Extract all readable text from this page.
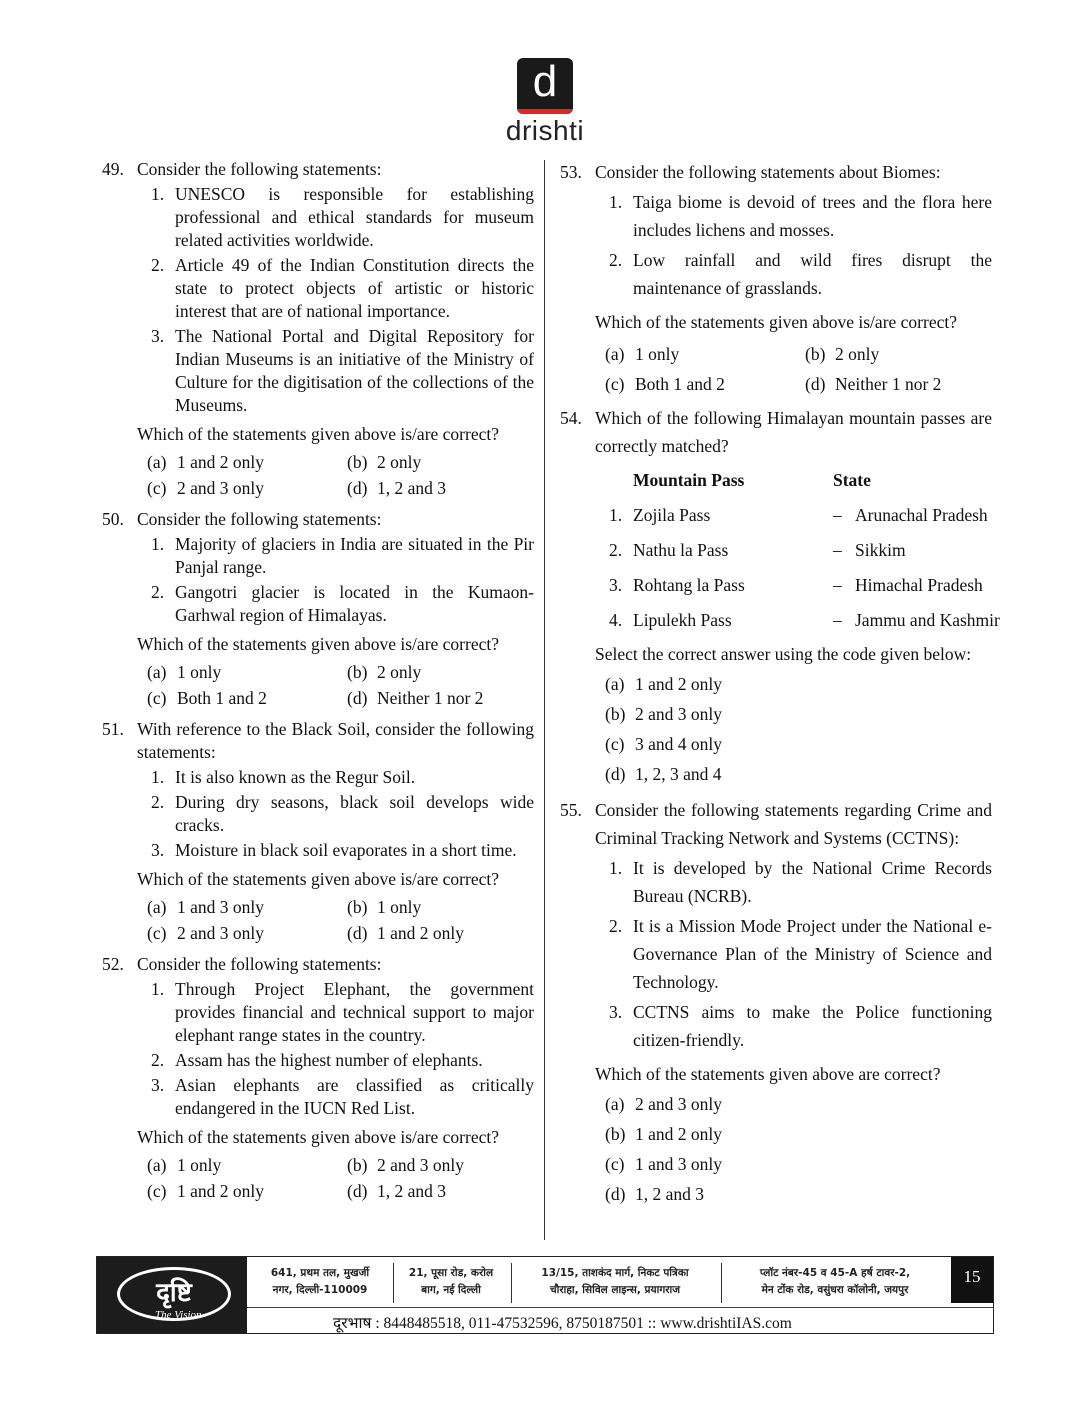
d
drishti
49. Consider the following statements:
1. UNESCO is responsible for establishing professional and ethical standards for museum related activities worldwide.
2. Article 49 of the Indian Constitution directs the state to protect objects of artistic or historic interest that are of national importance.
3. The National Portal and Digital Repository for Indian Museums is an initiative of the Ministry of Culture for the digitisation of the collections of the Museums.
Which of the statements given above is/are correct?
(a) 1 and 2 only	(b) 2 only
(c) 2 and 3 only	(d) 1, 2 and 3
50. Consider the following statements:
1. Majority of glaciers in India are situated in the Pir Panjal range.
2. Gangotri glacier is located in the Kumaon-Garhwal region of Himalayas.
Which of the statements given above is/are correct?
(a) 1 only	(b) 2 only
(c) Both 1 and 2	(d) Neither 1 nor 2
51. With reference to the Black Soil, consider the following statements:
1. It is also known as the Regur Soil.
2. During dry seasons, black soil develops wide cracks.
3. Moisture in black soil evaporates in a short time.
Which of the statements given above is/are correct?
(a) 1 and 3 only	(b) 1 only
(c) 2 and 3 only	(d) 1 and 2 only
52. Consider the following statements:
1. Through Project Elephant, the government provides financial and technical support to major elephant range states in the country.
2. Assam has the highest number of elephants.
3. Asian elephants are classified as critically endangered in the IUCN Red List.
Which of the statements given above is/are correct?
(a) 1 only	(b) 2 and 3 only
(c) 1 and 2 only	(d) 1, 2 and 3
53. Consider the following statements about Biomes:
1. Taiga biome is devoid of trees and the flora here includes lichens and mosses.
2. Low rainfall and wild fires disrupt the maintenance of grasslands.
Which of the statements given above is/are correct?
(a) 1 only	(b) 2 only
(c) Both 1 and 2	(d) Neither 1 nor 2
54. Which of the following Himalayan mountain passes are correctly matched?
Mountain Pass	State
1. Zojila Pass	– Arunachal Pradesh
2. Nathu la Pass	– Sikkim
3. Rohtang la Pass	– Himachal Pradesh
4. Lipulekh Pass	– Jammu and Kashmir
Select the correct answer using the code given below:
(a) 1 and 2 only
(b) 2 and 3 only
(c) 3 and 4 only
(d) 1, 2, 3 and 4
55. Consider the following statements regarding Crime and Criminal Tracking Network and Systems (CCTNS):
1. It is developed by the National Crime Records Bureau (NCRB).
2. It is a Mission Mode Project under the National e-Governance Plan of the Ministry of Science and Technology.
3. CCTNS aims to make the Police functioning citizen-friendly.
Which of the statements given above are correct?
(a) 2 and 3 only
(b) 1 and 2 only
(c) 1 and 3 only
(d) 1, 2 and 3
दृष्टि
The Vision
641, प्रथम तल, मुखर्जी
नगर, दिल्ली-110009
21, पूसा रोड, करोल
बाग, नई दिल्ली
13/15, ताशकंद मार्ग, निकट पत्रिका
चौराहा, सिविल लाइन्स, प्रयागराज
प्लॉट नंबर-45 व 45-A हर्ष टावर-2,
मेन टोंक रोड, वसुंधरा कॉलोनी, जयपुर
15
दूरभाष : 8448485518, 011-47532596, 8750187501 :: www.drishtiIAS.com
